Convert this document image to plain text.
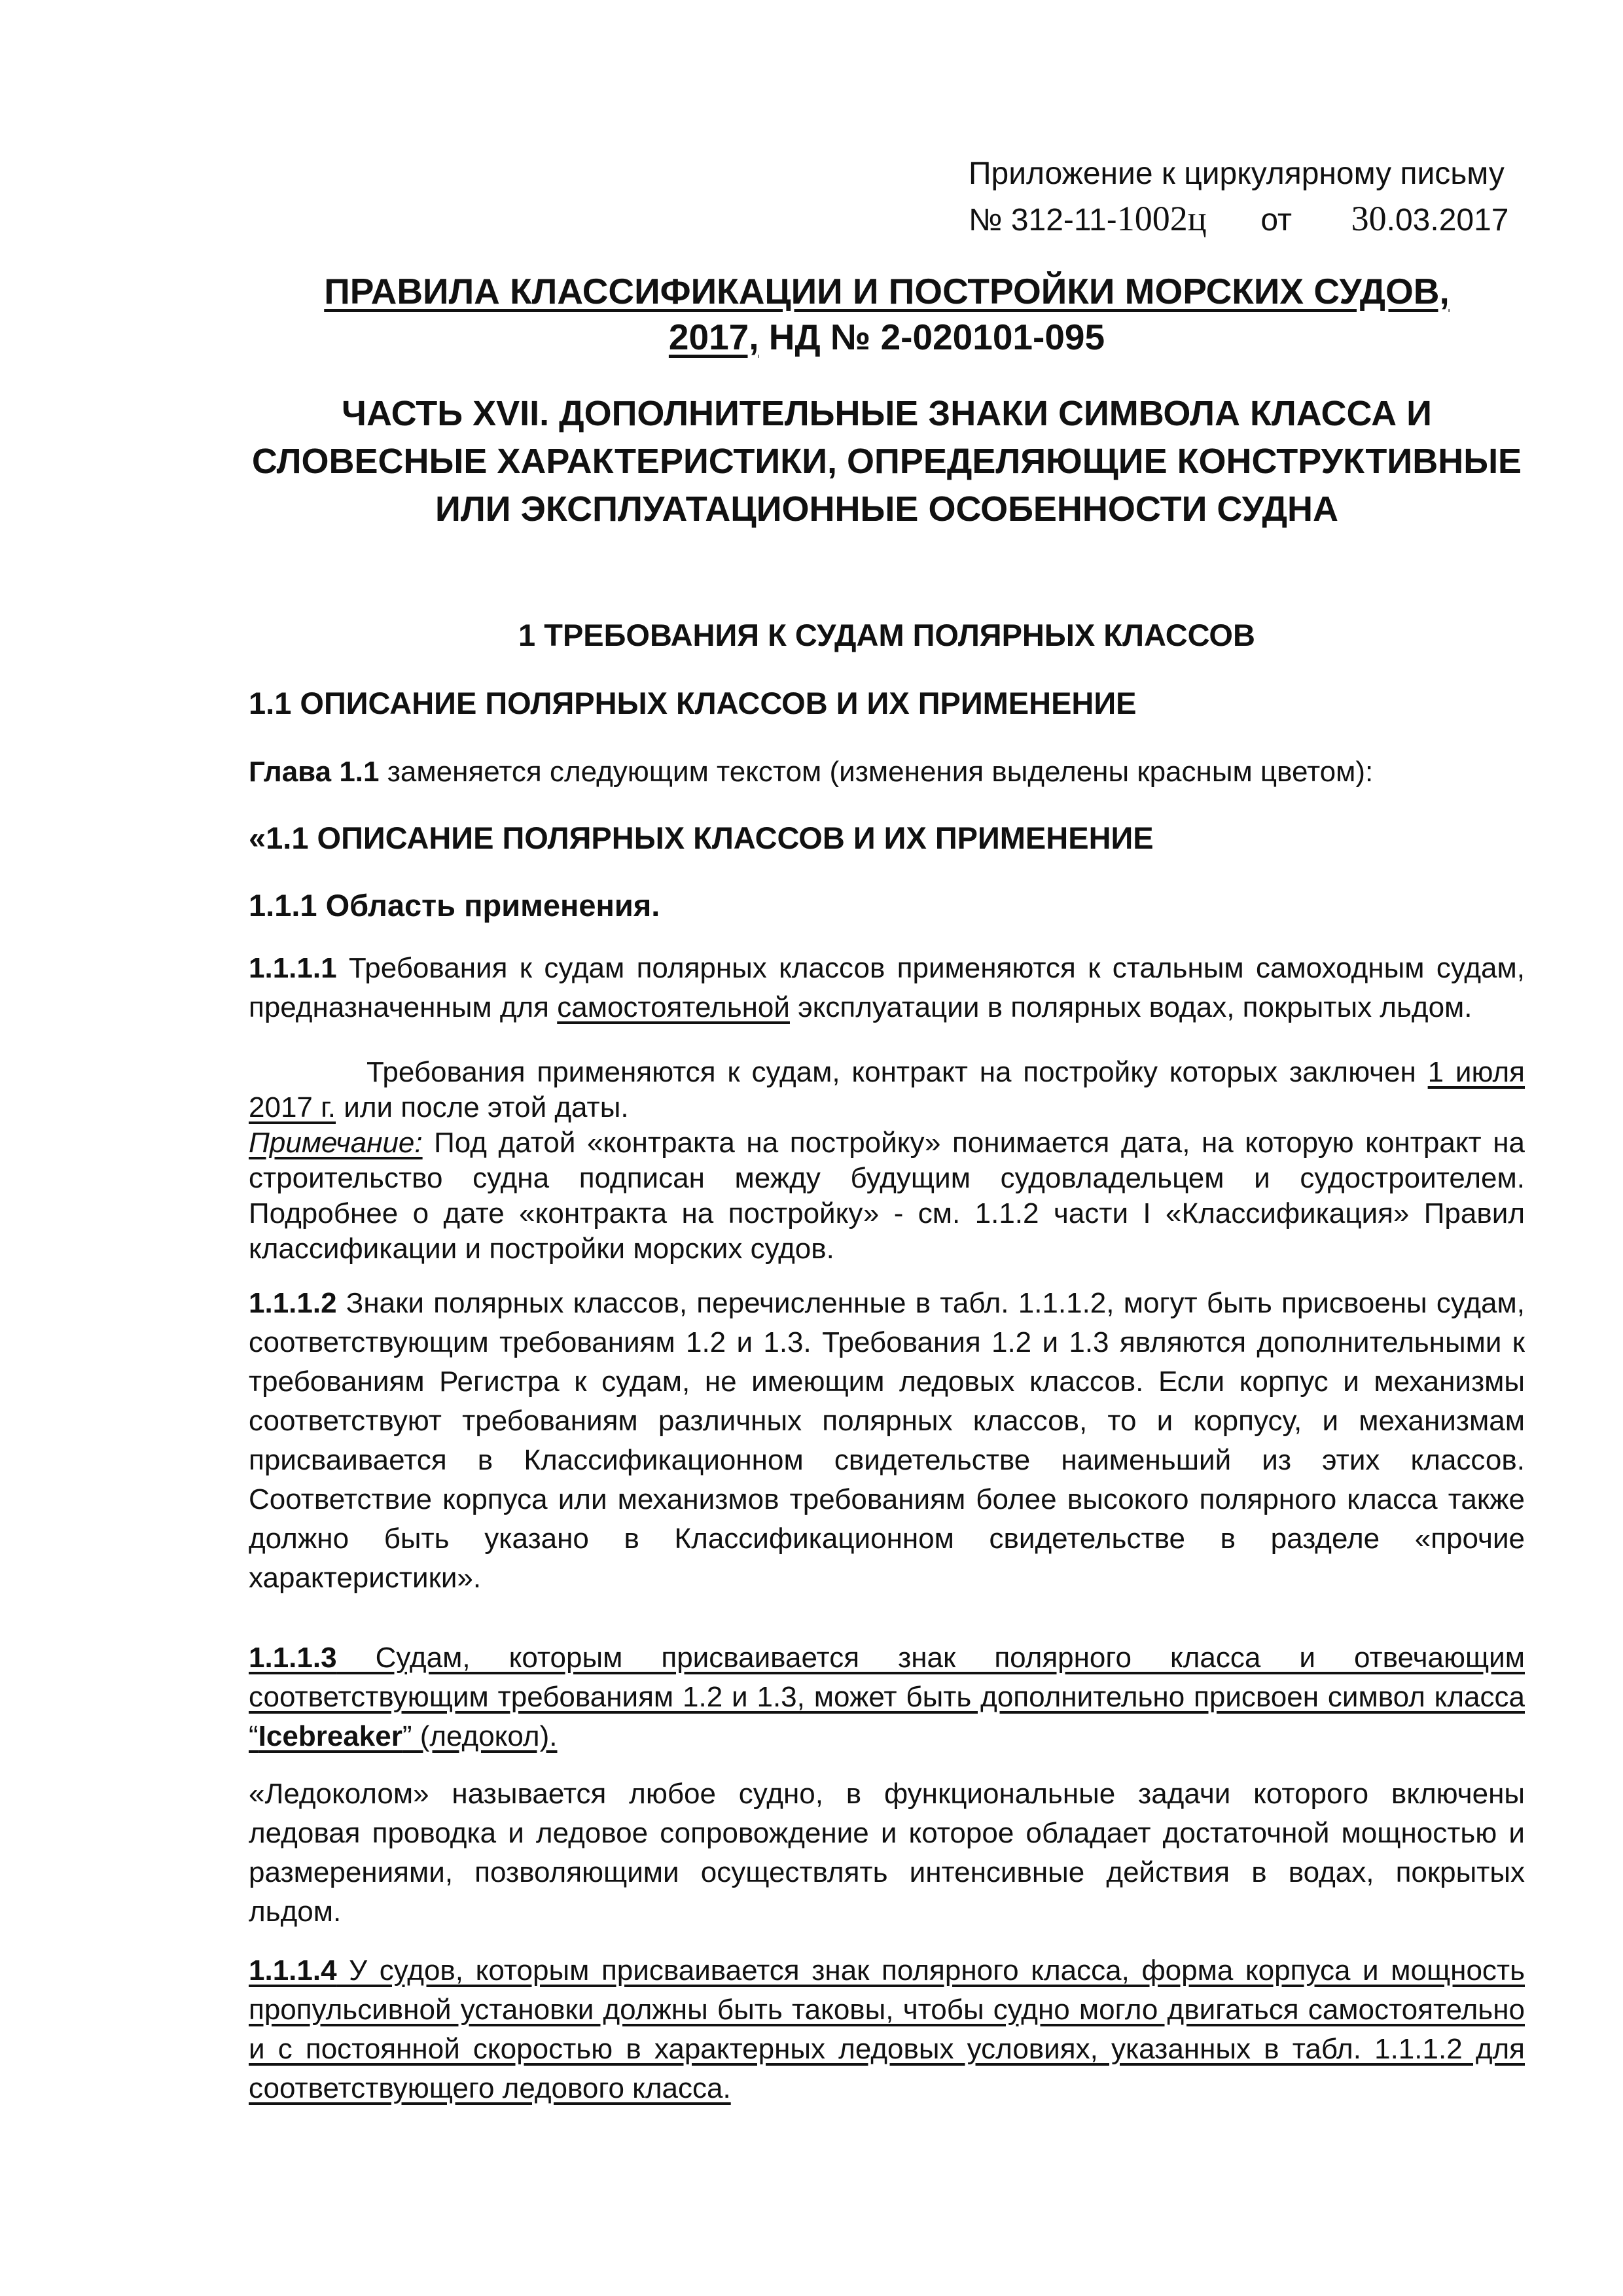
Приложение к циркулярному письму
№ 312-11-1002ц от 30.03.2017
ПРАВИЛА КЛАССИФИКАЦИИ И ПОСТРОЙКИ МОРСКИХ СУДОВ,
2017, НД № 2-020101-095
ЧАСТЬ XVII. ДОПОЛНИТЕЛЬНЫЕ ЗНАКИ СИМВОЛА КЛАССА И СЛОВЕСНЫЕ ХАРАКТЕРИСТИКИ, ОПРЕДЕЛЯЮЩИЕ КОНСТРУКТИВНЫЕ ИЛИ ЭКСПЛУАТАЦИОННЫЕ ОСОБЕННОСТИ СУДНА
1 ТРЕБОВАНИЯ К СУДАМ ПОЛЯРНЫХ КЛАССОВ
1.1 ОПИСАНИЕ ПОЛЯРНЫХ КЛАССОВ И ИХ ПРИМЕНЕНИЕ
Глава 1.1 заменяется следующим текстом (изменения выделены красным цветом):
«1.1 ОПИСАНИЕ ПОЛЯРНЫХ КЛАССОВ И ИХ ПРИМЕНЕНИЕ
1.1.1 Область применения.
1.1.1.1 Требования к судам полярных классов применяются к стальным самоходным судам, предназначенным для самостоятельной эксплуатации в полярных водах, покрытых льдом.
Требования применяются к судам, контракт на постройку которых заключен 1 июля 2017 г. или после этой даты.
Примечание: Под датой «контракта на постройку» понимается дата, на которую контракт на строительство судна подписан между будущим судовладельцем и судостроителем. Подробнее о дате «контракта на постройку» - см. 1.1.2 части I «Классификация» Правил классификации и постройки морских судов.
1.1.1.2 Знаки полярных классов, перечисленные в табл. 1.1.1.2, могут быть присвоены судам, соответствующим требованиям 1.2 и 1.3. Требования 1.2 и 1.3 являются дополнительными к требованиям Регистра к судам, не имеющим ледовых классов. Если корпус и механизмы соответствуют требованиям различных полярных классов, то и корпусу, и механизмам присваивается в Классификационном свидетельстве наименьший из этих классов. Соответствие корпуса или механизмов требованиям более высокого полярного класса также должно быть указано в Классификационном свидетельстве в разделе «прочие характеристики».
1.1.1.3 Судам, которым присваивается знак полярного класса и отвечающим соответствующим требованиям 1.2 и 1.3, может быть дополнительно присвоен символ класса “Icebreaker” (ледокол).
«Ледоколом» называется любое судно, в функциональные задачи которого включены ледовая проводка и ледовое сопровождение и которое обладает достаточной мощностью и размерениями, позволяющими осуществлять интенсивные действия в водах, покрытых льдом.
1.1.1.4 У судов, которым присваивается знак полярного класса, форма корпуса и мощность пропульсивной установки должны быть таковы, чтобы судно могло двигаться самостоятельно и с постоянной скоростью в характерных ледовых условиях, указанных в табл. 1.1.1.2 для соответствующего ледового класса.
